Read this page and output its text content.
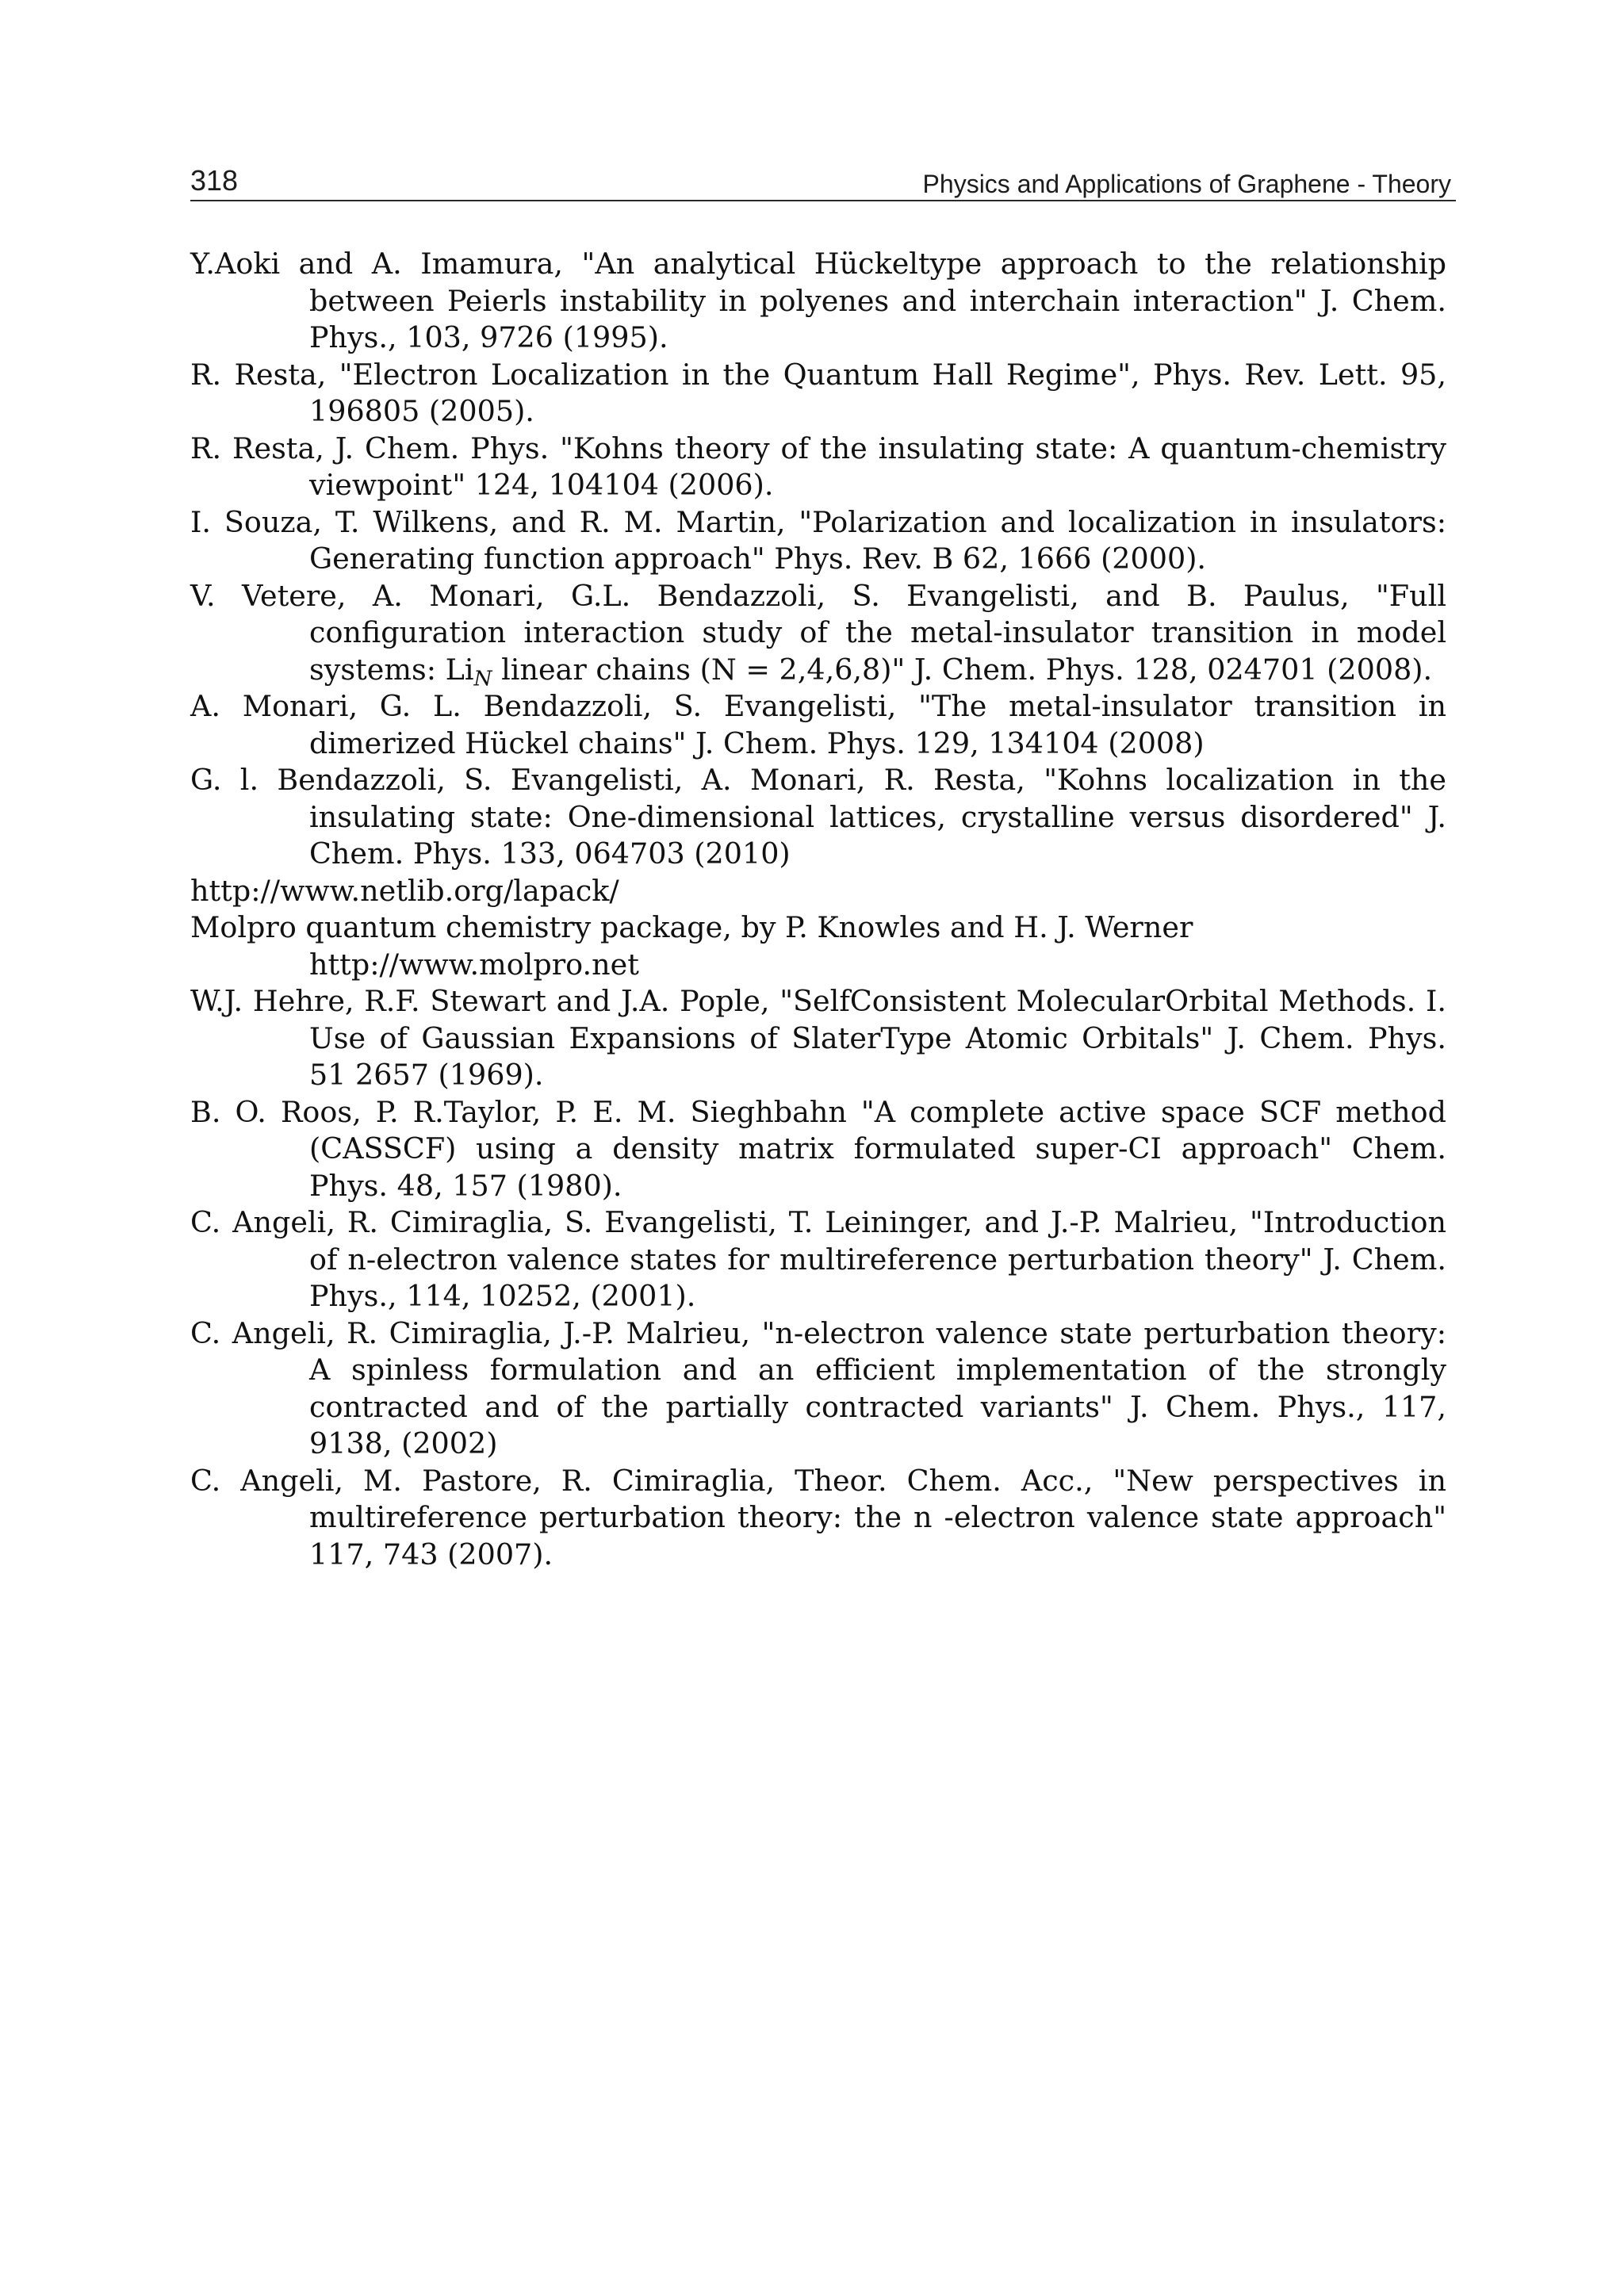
318	Physics and Applications of Graphene - Theory

Y.Aoki and A. Imamura, "An analytical Hückeltype approach to the relationship between Peierls instability in polyenes and interchain interaction" J. Chem. Phys., 103, 9726 (1995).

R. Resta, "Electron Localization in the Quantum Hall Regime", Phys. Rev. Lett. 95, 196805 (2005).

R. Resta, J. Chem. Phys. "Kohns theory of the insulating state: A quantum-chemistry viewpoint" 124, 104104 (2006).

I. Souza, T. Wilkens, and R. M. Martin, "Polarization and localization in insulators: Generating function approach" Phys. Rev. B 62, 1666 (2000).

V. Vetere, A. Monari, G.L. Bendazzoli, S. Evangelisti, and B. Paulus, "Full configuration interaction study of the metal-insulator transition in model systems: $Li_N$ linear chains (N = 2,4,6,8)" J. Chem. Phys. 128, 024701 (2008).

A. Monari, G. L. Bendazzoli, S. Evangelisti, "The metal-insulator transition in dimerized Hückel chains" J. Chem. Phys. 129, 134104 (2008)

G. l. Bendazzoli, S. Evangelisti, A. Monari, R. Resta, "Kohns localization in the insulating state: One-dimensional lattices, crystalline versus disordered" J. Chem. Phys. 133, 064703 (2010)

http://www.netlib.org/lapack/

Molpro quantum chemistry package, by P. Knowles and H. J. Werner http://www.molpro.net

W.J. Hehre, R.F. Stewart and J.A. Pople, "SelfConsistent MolecularOrbital Methods. I. Use of Gaussian Expansions of SlaterType Atomic Orbitals" J. Chem. Phys. 51 2657 (1969).

B. O. Roos, P. R.Taylor, P. E. M. Sieghbahn "A complete active space SCF method (CASSCF) using a density matrix formulated super-CI approach" Chem. Phys. 48, 157 (1980).

C. Angeli, R. Cimiraglia, S. Evangelisti, T. Leininger, and J.-P. Malrieu, "Introduction of n-electron valence states for multireference perturbation theory" J. Chem. Phys., 114, 10252, (2001).

C. Angeli, R. Cimiraglia, J.-P. Malrieu, "n-electron valence state perturbation theory: A spinless formulation and an efficient implementation of the strongly contracted and of the partially contracted variants" J. Chem. Phys., 117, 9138, (2002)

C. Angeli, M. Pastore, R. Cimiraglia, Theor. Chem. Acc., "New perspectives in multireference perturbation theory: the n -electron valence state approach" 117, 743 (2007).
